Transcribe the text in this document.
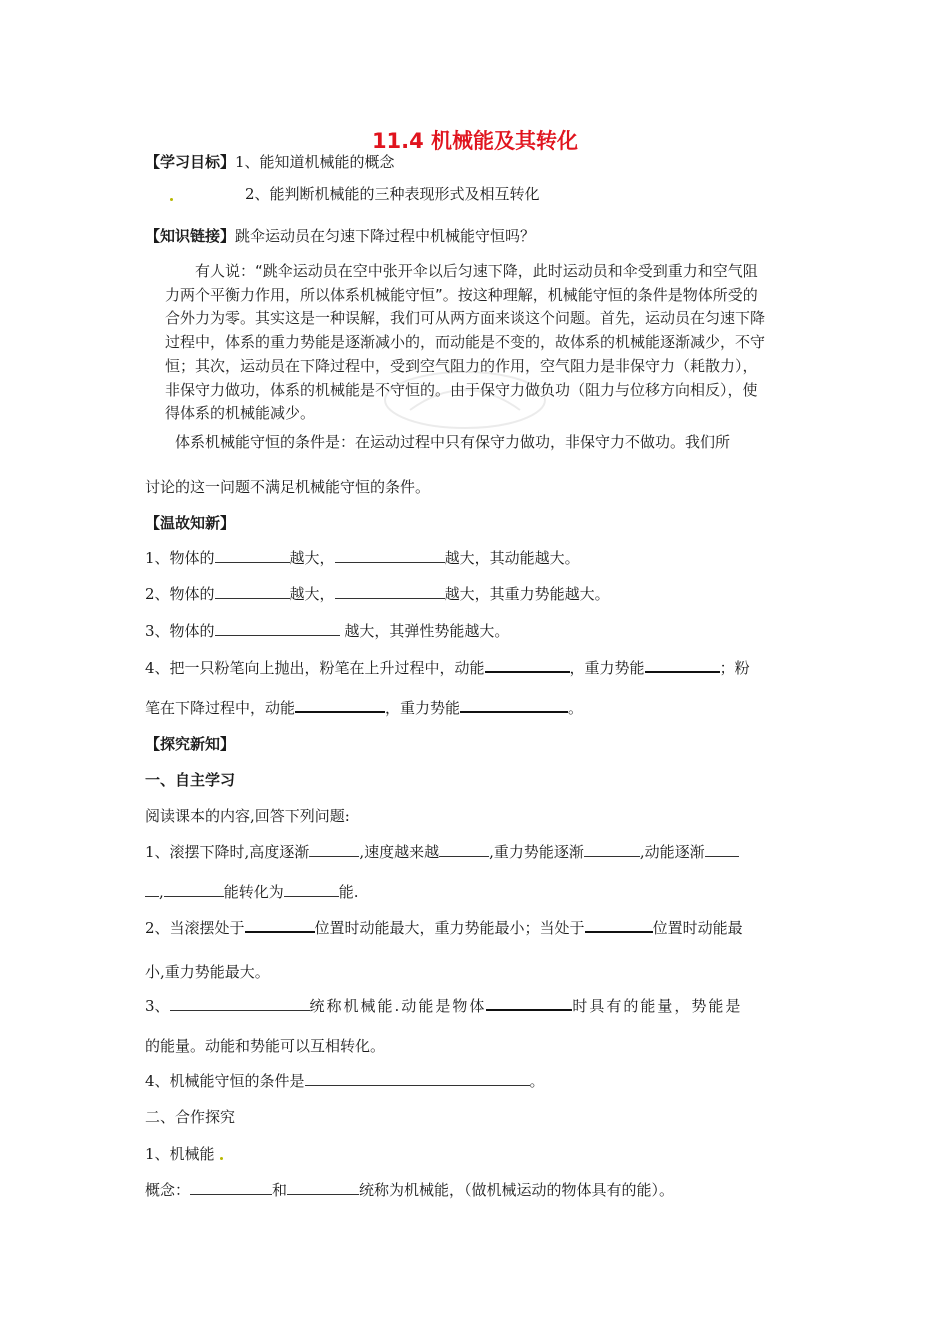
11.4 机械能及其转化
【学习目标】1、能知道机械能的概念
2、能判断机械能的三种表现形式及相互转化
【知识链接】跳伞运动员在匀速下降过程中机械能守恒吗？

有人说：“跳伞运动员在空中张开伞以后匀速下降，此时运动员和伞受到重力和空气阻

力两个平衡力作用，所以体系机械能守恒”。按这种理解，机械能守恒的条件是物体所受的

合外力为零。其实这是一种误解，我们可从两方面来谈这个问题。首先，运动员在匀速下降

过程中，体系的重力势能是逐渐减小的，而动能是不变的，故体系的机械能逐渐减少，不守

恒；其次，运动员在下降过程中，受到空气阻力的作用，空气阻力是非保守力（耗散力），

非保守力做功，体系的机械能是不守恒的。由于保守力做负功（阻力与位移方向相反），使

得体系的机械能减少。

体系机械能守恒的条件是：在运动过程中只有保守力做功，非保守力不做功。我们所
讨论的这一问题不满足机械能守恒的条件。
【温故知新】
1、物体的	越大，	越大，其动能越大。
2、物体的	越大，	越大，其重力势能越大。
3、物体的	越大，其弹性势能越大。
4、把一只粉笔向上抛出，粉笔在上升过程中，动能	，重力势能	；粉
笔在下降过程中，动能	，重力势能	。
【探究新知】
一、自主学习
阅读课本的内容,回答下列问题:
1、滚摆下降时,高度逐渐	,速度越来越	,重力势能逐渐	,动能逐渐
,	能转化为	能.
2、当滚摆处于	位置时动能最大，重力势能最小；当处于	位置时动能最
小,重力势能最大。
3、	统称机械能.动能是物体	时具有的能量，势能是
的能量。动能和势能可以互相转化。
4、机械能守恒的条件是	。
二、合作探究
1、机械能
概念：	和	统称为机械能，（做机械运动的物体具有的能）。
